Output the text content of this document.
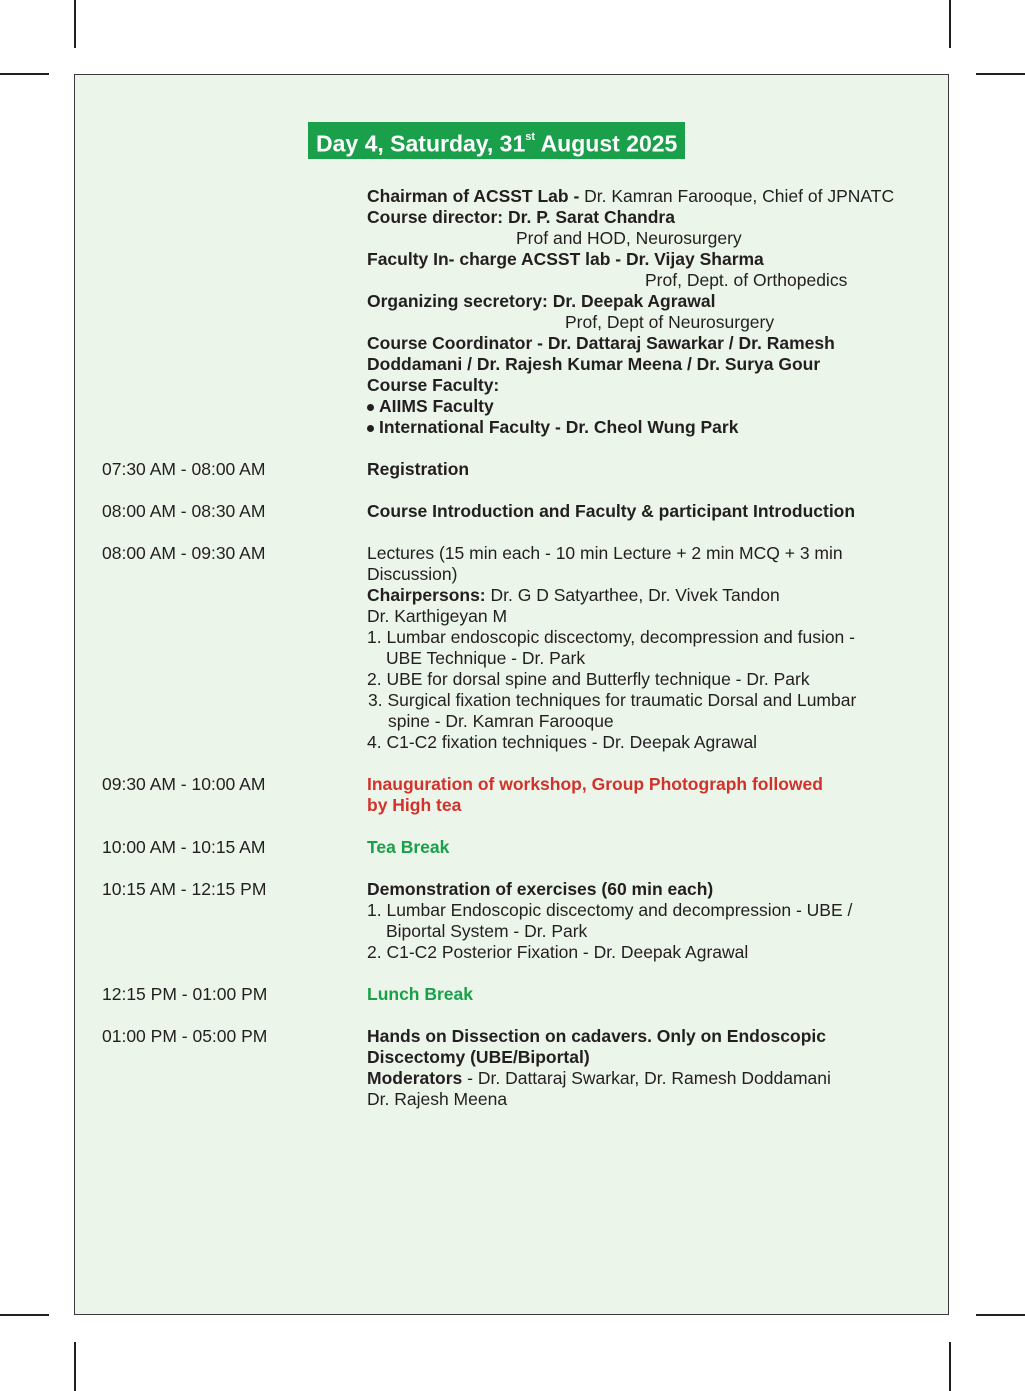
Day 4, Saturday, 31st August 2025
Chairman of ACSST Lab - Dr. Kamran Farooque, Chief of JPNATC
Course director: Dr. P. Sarat Chandra
Prof and HOD, Neurosurgery
Faculty In- charge ACSST lab - Dr. Vijay Sharma
Prof, Dept. of Orthopedics
Organizing secretory: Dr. Deepak Agrawal
Prof, Dept of Neurosurgery
Course Coordinator - Dr. Dattaraj Sawarkar / Dr. Ramesh
Doddamani / Dr. Rajesh Kumar Meena / Dr. Surya Gour
Course Faculty:
AIIMS Faculty
International Faculty - Dr. Cheol Wung Park
07:30 AM - 08:00 AM	Registration
08:00 AM - 08:30 AM	Course Introduction and Faculty & participant Introduction
08:00 AM - 09:30 AM	Lectures (15 min each - 10 min Lecture + 2 min MCQ + 3 min
Discussion)
Chairpersons: Dr. G D Satyarthee, Dr. Vivek Tandon
Dr. Karthigeyan M
1. Lumbar endoscopic discectomy, decompression and fusion -
UBE Technique - Dr. Park
2. UBE for dorsal spine and Butterfly technique - Dr. Park
3. Surgical fixation techniques for traumatic Dorsal and Lumbar
spine - Dr. Kamran Farooque
4. C1-C2 fixation techniques - Dr. Deepak Agrawal
09:30 AM - 10:00 AM	Inauguration of workshop, Group Photograph followed
by High tea
10:00 AM - 10:15 AM	Tea Break
10:15 AM - 12:15 PM	Demonstration of exercises (60 min each)
1. Lumbar Endoscopic discectomy and decompression - UBE /
Biportal System - Dr. Park
2. C1-C2 Posterior Fixation - Dr. Deepak Agrawal
12:15 PM - 01:00 PM	Lunch Break
01:00 PM - 05:00 PM	Hands on Dissection on cadavers. Only on Endoscopic
Discectomy (UBE/Biportal)
Moderators - Dr. Dattaraj Swarkar, Dr. Ramesh Doddamani
Dr. Rajesh Meena
